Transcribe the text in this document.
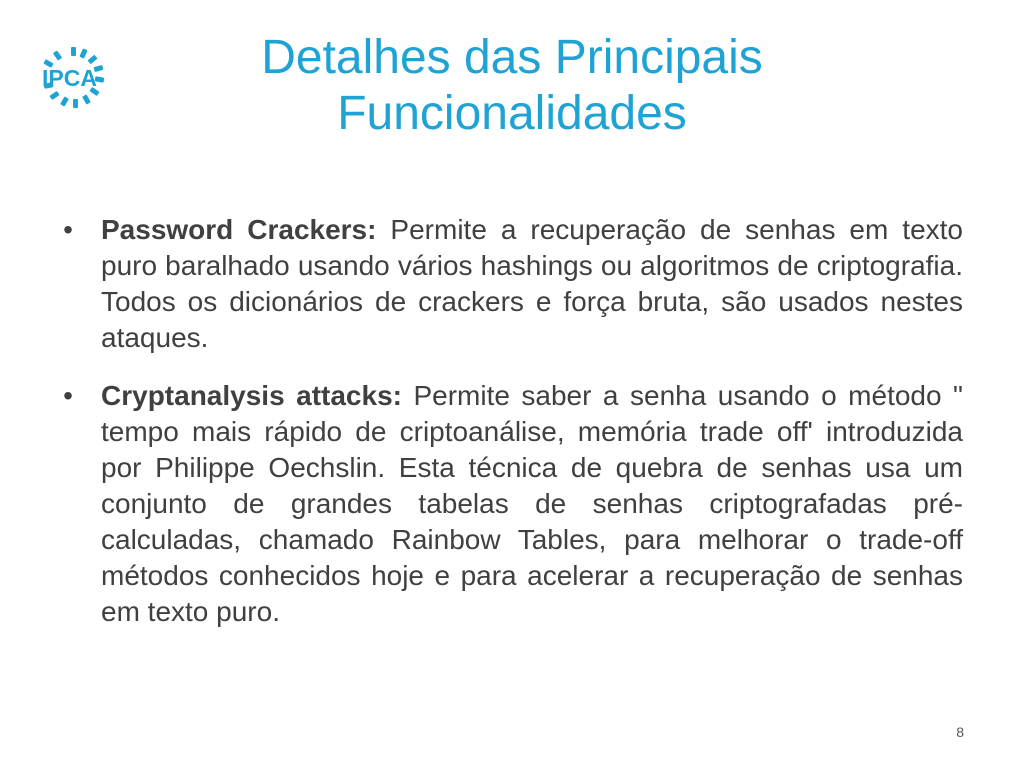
IPCA	Detalhes das Principais
Funcionalidades
• Password Crackers: Permite a recuperação de senhas em texto puro baralhado usando vários hashings ou algoritmos de criptografia. Todos os dicionários de crackers e força bruta, são usados nestes ataques.
• Cryptanalysis attacks: Permite saber a senha usando o método " tempo mais rápido de criptoanálise, memória trade off' introduzida por Philippe Oechslin. Esta técnica de quebra de senhas usa um conjunto de grandes tabelas de senhas criptografadas pré-calculadas, chamado Rainbow Tables, para melhorar o trade-off métodos conhecidos hoje e para acelerar a recuperação de senhas em texto puro.
8
